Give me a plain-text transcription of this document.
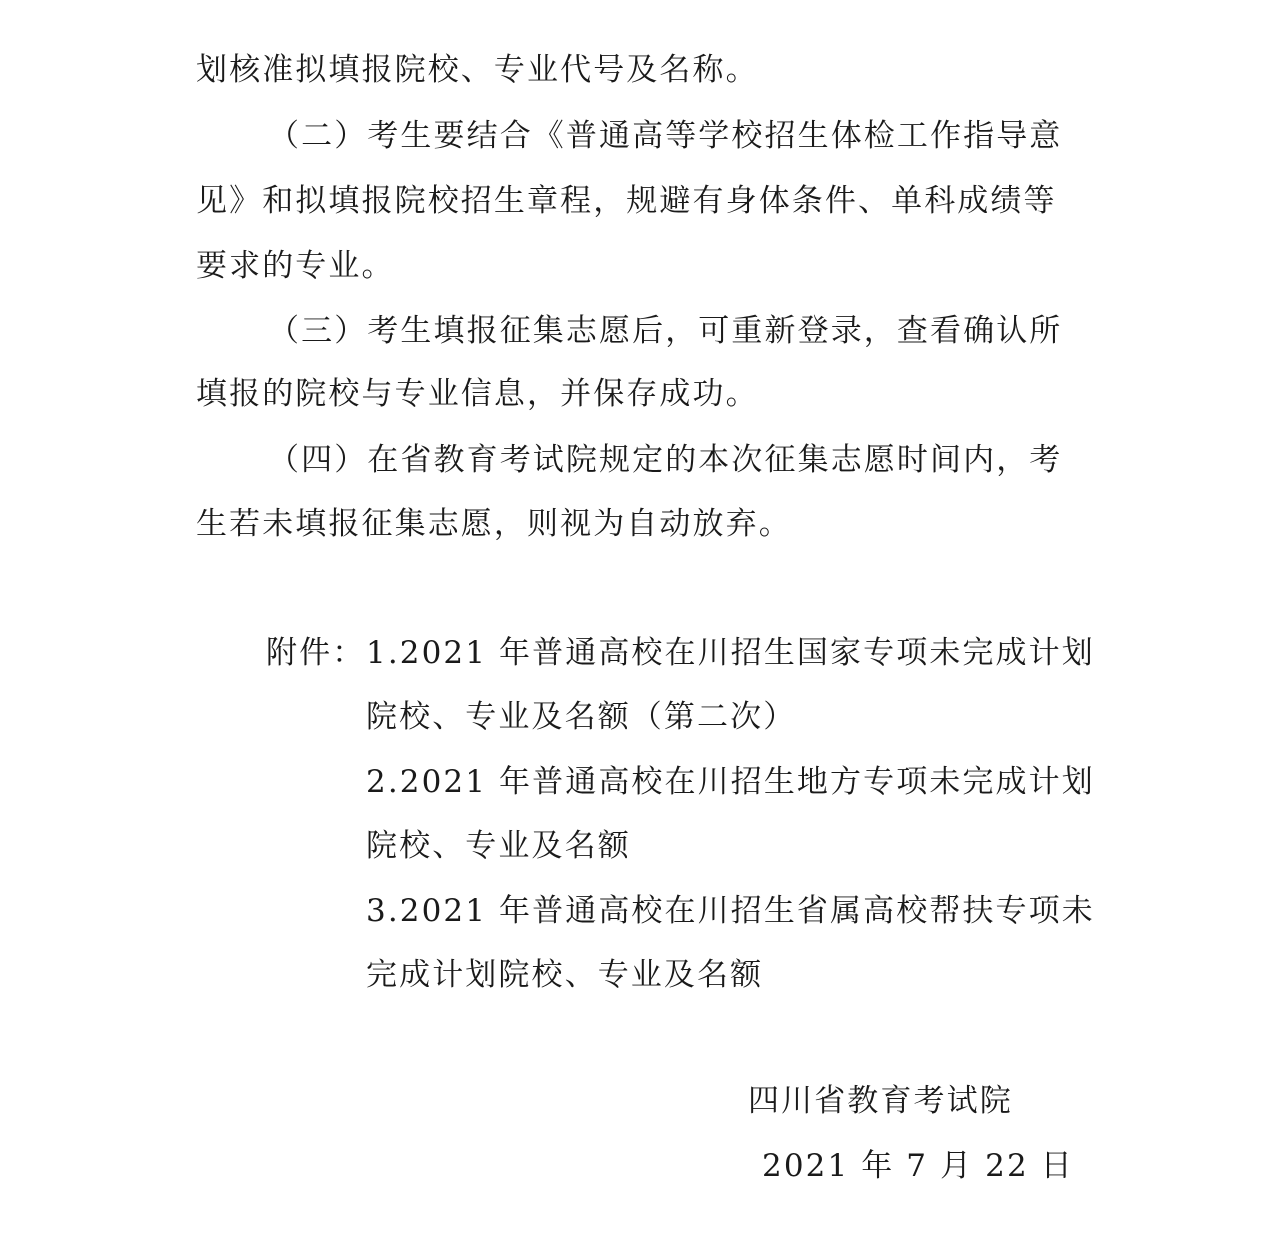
划核准拟填报院校、专业代号及名称。
（二）考生要结合《普通高等学校招生体检工作指导意
见》和拟填报院校招生章程，规避有身体条件、单科成绩等
要求的专业。
（三）考生填报征集志愿后，可重新登录，查看确认所
填报的院校与专业信息，并保存成功。
（四）在省教育考试院规定的本次征集志愿时间内，考
生若未填报征集志愿，则视为自动放弃。
附件： 1.2021 年普通高校在川招生国家专项未完成计划
院校、专业及名额（第二次）
2.2021 年普通高校在川招生地方专项未完成计划
院校、专业及名额
3.2021 年普通高校在川招生省属高校帮扶专项未
完成计划院校、专业及名额
四川省教育考试院
2021 年 7 月 22 日
